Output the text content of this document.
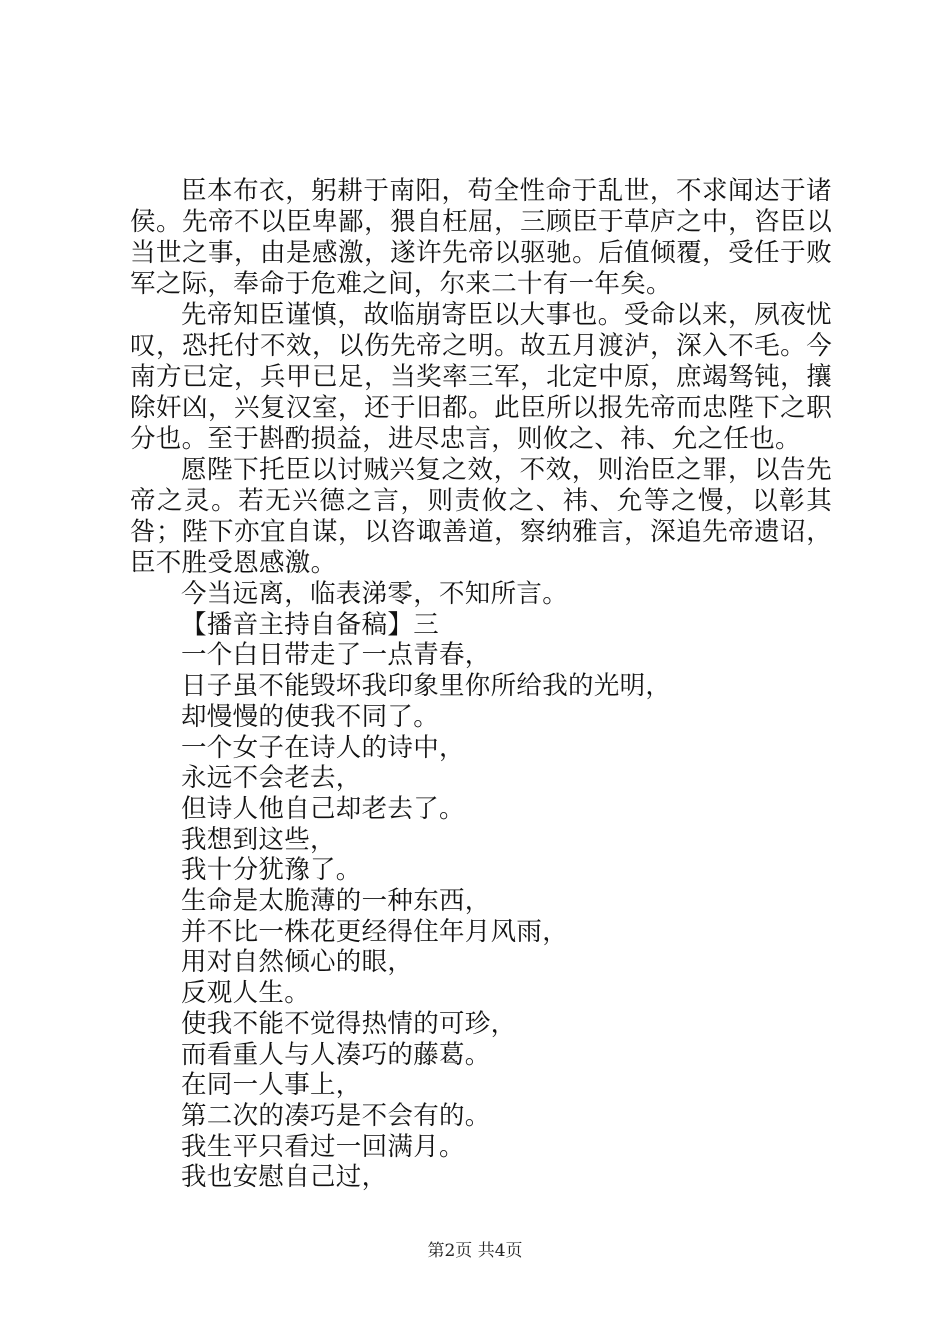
臣本布衣，躬耕于南阳，苟全性命于乱世，不求闻达于诸侯。先帝不以臣卑鄙，猥自枉屈，三顾臣于草庐之中，咨臣以当世之事，由是感激，遂许先帝以驱驰。后值倾覆，受任于败军之际，奉命于危难之间，尔来二十有一年矣。

先帝知臣谨慎，故临崩寄臣以大事也。受命以来，夙夜忧叹，恐托付不效，以伤先帝之明。故五月渡泸，深入不毛。今南方已定，兵甲已足，当奖率三军，北定中原，庶竭驽钝，攘除奸凶，兴复汉室，还于旧都。此臣所以报先帝而忠陛下之职分也。至于斟酌损益，进尽忠言，则攸之、祎、允之任也。

愿陛下托臣以讨贼兴复之效，不效，则治臣之罪，以告先帝之灵。若无兴德之言，则责攸之、祎、允等之慢，以彰其咎；陛下亦宜自谋，以咨诹善道，察纳雅言，深追先帝遗诏，臣不胜受恩感激。

今当远离，临表涕零，不知所言。
【播音主持自备稿】三
一个白日带走了一点青春，
日子虽不能毁坏我印象里你所给我的光明，
却慢慢的使我不同了。
一个女子在诗人的诗中，
永远不会老去，
但诗人他自己却老去了。
我想到这些，
我十分犹豫了。
生命是太脆薄的一种东西，
并不比一株花更经得住年月风雨，
用对自然倾心的眼，
反观人生。
使我不能不觉得热情的可珍，
而看重人与人凑巧的藤葛。
在同一人事上，
第二次的凑巧是不会有的。
我生平只看过一回满月。
我也安慰自己过，
第2页 共4页
